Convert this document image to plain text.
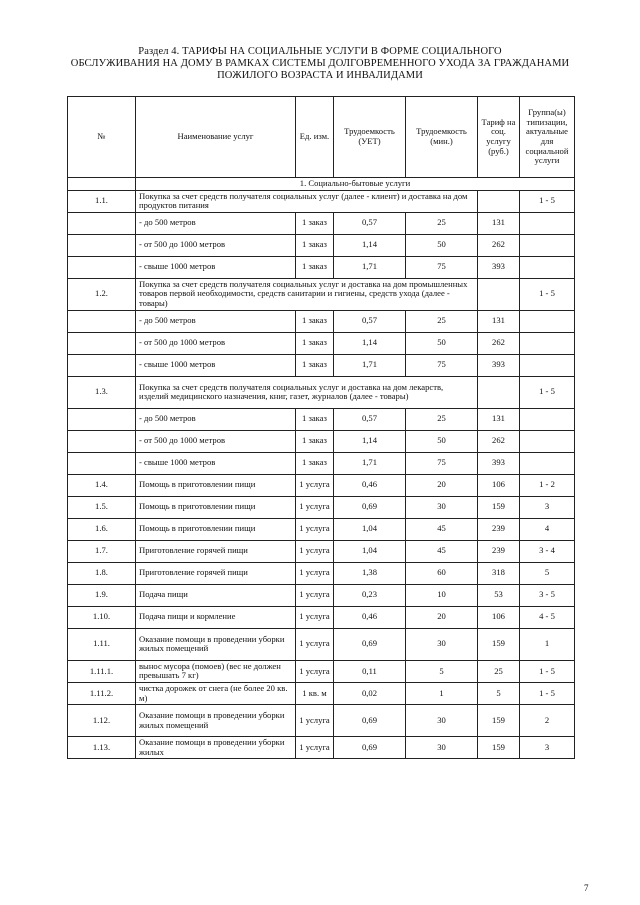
Раздел 4. ТАРИФЫ НА СОЦИАЛЬНЫЕ УСЛУГИ В ФОРМЕ СОЦИАЛЬНОГО
ОБСЛУЖИВАНИЯ НА ДОМУ В РАМКАХ СИСТЕМЫ ДОЛГОВРЕМЕННОГО УХОДА ЗА ГРАЖДАНАМИ
ПОЖИЛОГО ВОЗРАСТА И ИНВАЛИДАМИ
№	Наименование услуг	Ед. изм.	Трудоемкость (УЕТ)	Трудоемкость (мин.)	Тариф на соц. услугу (руб.)	Группа(ы) типизации, актуальные для социальной услуги
	1. Социально-бытовые услуги					
1.1.	Покупка за счет средств получателя социальных услуг (далее - клиент) и доставка на дом продуктов питания					1 - 5
	- до 500 метров	1 заказ	0,57	25	131	
	- от 500 до 1000 метров	1 заказ	1,14	50	262	
	- свыше 1000 метров	1 заказ	1,71	75	393	
1.2.	Покупка за счет средств получателя социальных услуг и доставка на дом промышленных товаров первой необходимости, средств санитарии и гигиены, средств ухода (далее - товары)					1 - 5
	- до 500 метров	1 заказ	0,57	25	131	
	- от 500 до 1000 метров	1 заказ	1,14	50	262	
	- свыше 1000 метров	1 заказ	1,71	75	393	
1.3.	Покупка за счет средств получателя социальных услуг и доставка на дом лекарств, изделий медицинского назначения, книг, газет, журналов (далее - товары)					1 - 5
	- до 500 метров	1 заказ	0,57	25	131	
	- от 500 до 1000 метров	1 заказ	1,14	50	262	
	- свыше 1000 метров	1 заказ	1,71	75	393	
1.4.	Помощь в приготовлении пищи	1 услуга	0,46	20	106	1 - 2
1.5.	Помощь в приготовлении пищи	1 услуга	0,69	30	159	3
1.6.	Помощь в приготовлении пищи	1 услуга	1,04	45	239	4
1.7.	Приготовление горячей пищи	1 услуга	1,04	45	239	3 - 4
1.8.	Приготовление горячей пищи	1 услуга	1,38	60	318	5
1.9.	Подача пищи	1 услуга	0,23	10	53	3 - 5
1.10.	Подача пищи и кормление	1 услуга	0,46	20	106	4 - 5
1.11.	Оказание помощи в проведении уборки жилых помещений	1 услуга	0,69	30	159	1
1.11.1.	вынос мусора (помоев) (вес не должен превышать 7 кг)	1 услуга	0,11	5	25	1 - 5
1.11.2.	чистка дорожек от снега (не более 20 кв. м)	1 кв. м	0,02	1	5	1 - 5
1.12.	Оказание помощи в проведении уборки жилых помещений	1 услуга	0,69	30	159	2
1.13.	Оказание помощи в проведении уборки жилых	1 услуга	0,69	30	159	3
7
